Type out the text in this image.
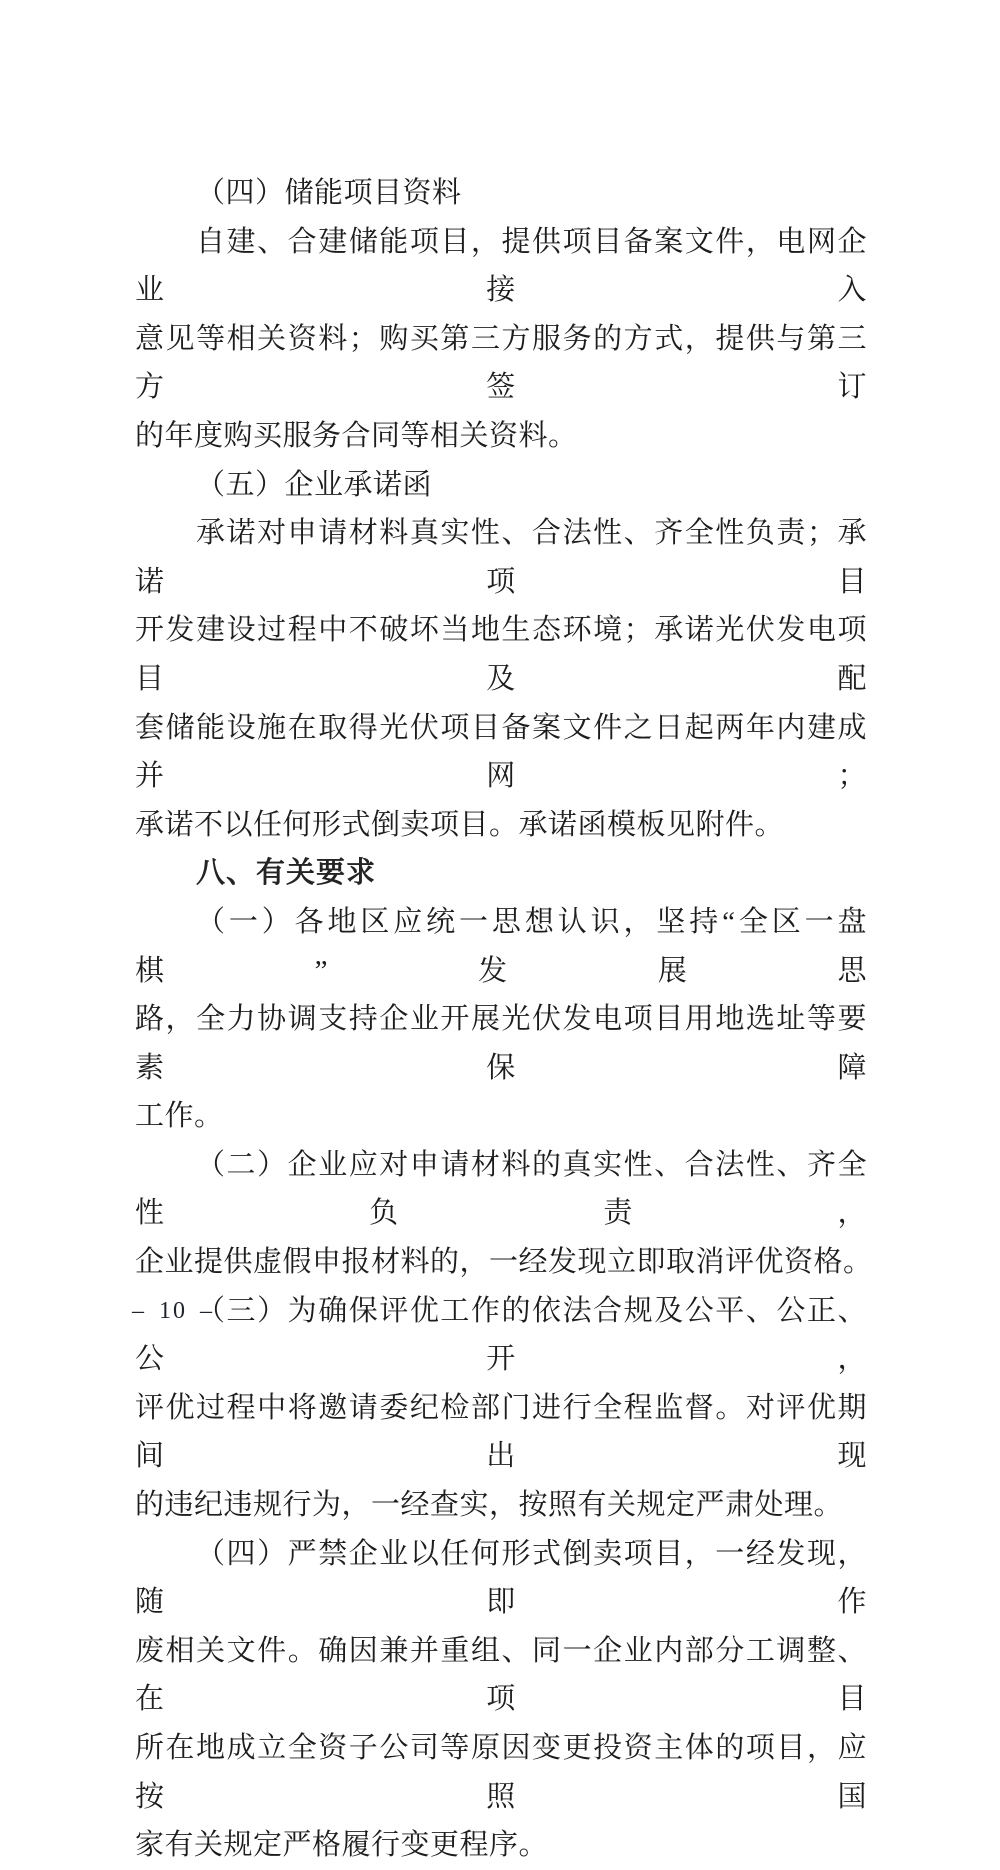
（四）储能项目资料
自建、合建储能项目，提供项目备案文件，电网企业接入
意见等相关资料；购买第三方服务的方式，提供与第三方签订
的年度购买服务合同等相关资料。
（五）企业承诺函
承诺对申请材料真实性、合法性、齐全性负责；承诺项目
开发建设过程中不破坏当地生态环境；承诺光伏发电项目及配
套储能设施在取得光伏项目备案文件之日起两年内建成并网；
承诺不以任何形式倒卖项目。承诺函模板见附件。
八、有关要求
（一）各地区应统一思想认识，坚持“全区一盘棋”发展思
路，全力协调支持企业开展光伏发电项目用地选址等要素保障
工作。
（二）企业应对申请材料的真实性、合法性、齐全性负责，
企业提供虚假申报材料的，一经发现立即取消评优资格。
（三）为确保评优工作的依法合规及公平、公正、公开，
评优过程中将邀请委纪检部门进行全程监督。对评优期间出现
的违纪违规行为，一经查实，按照有关规定严肃处理。
（四）严禁企业以任何形式倒卖项目，一经发现，随即作
废相关文件。确因兼并重组、同一企业内部分工调整、在项目
所在地成立全资子公司等原因变更投资主体的项目，应按照国
家有关规定严格履行变更程序。
– 10 –
